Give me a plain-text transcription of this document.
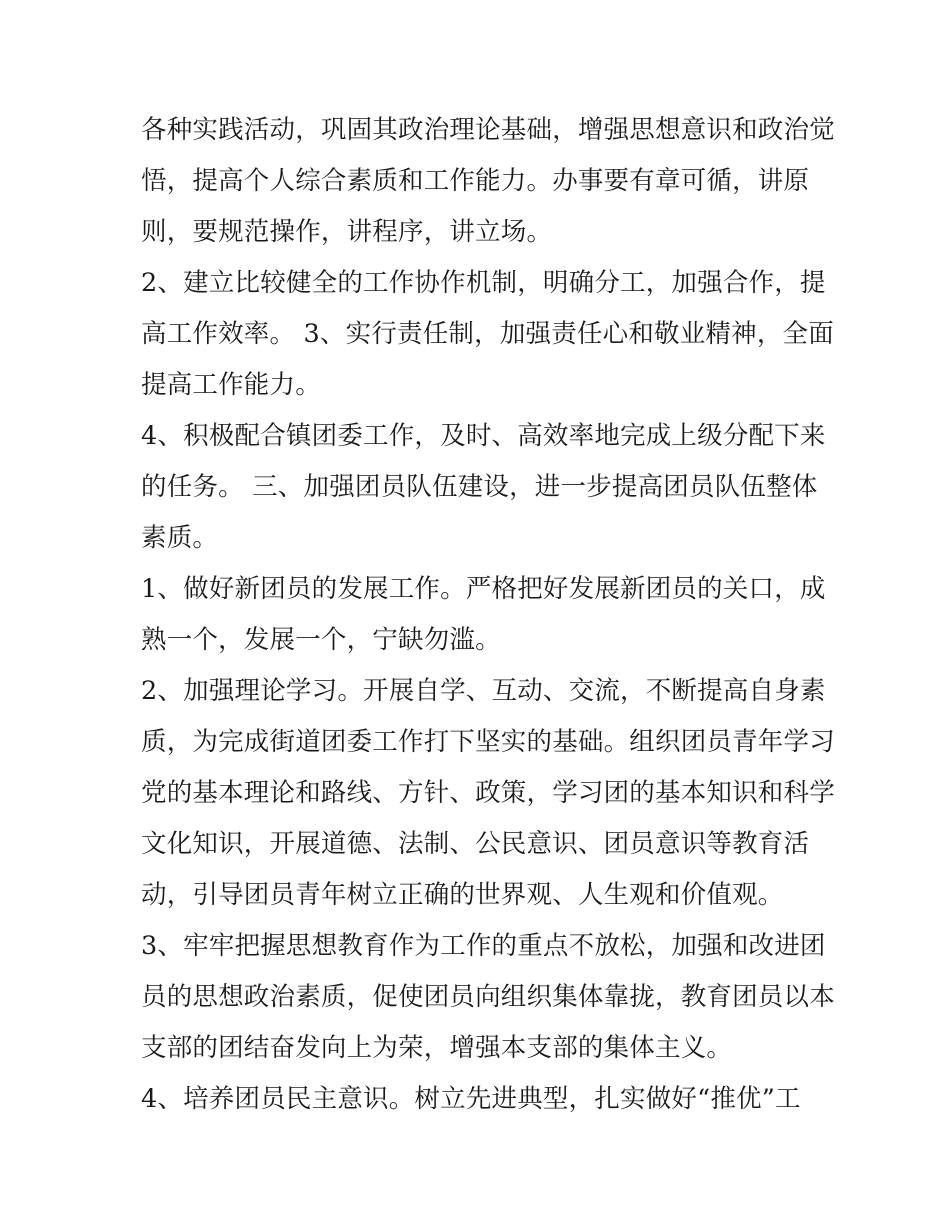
各种实践活动，巩固其政治理论基础，增强思想意识和政治觉

悟，提高个人综合素质和工作能力。办事要有章可循，讲原

则，要规范操作，讲程序，讲立场。

2、建立比较健全的工作协作机制，明确分工，加强合作，提

高工作效率。 3、实行责任制，加强责任心和敬业精神，全面

提高工作能力。

4、积极配合镇团委工作，及时、高效率地完成上级分配下来

的任务。 三、加强团员队伍建设，进一步提高团员队伍整体

素质。

1、做好新团员的发展工作。严格把好发展新团员的关口，成

熟一个，发展一个，宁缺勿滥。

2、加强理论学习。开展自学、互动、交流，不断提高自身素

质，为完成街道团委工作打下坚实的基础。组织团员青年学习

党的基本理论和路线、方针、政策，学习团的基本知识和科学

文化知识，开展道德、法制、公民意识、团员意识等教育活

动，引导团员青年树立正确的世界观、人生观和价值观。

3、牢牢把握思想教育作为工作的重点不放松，加强和改进团

员的思想政治素质，促使团员向组织集体靠拢，教育团员以本

支部的团结奋发向上为荣，增强本支部的集体主义。

4、培养团员民主意识。树立先进典型，扎实做好“推优”工
